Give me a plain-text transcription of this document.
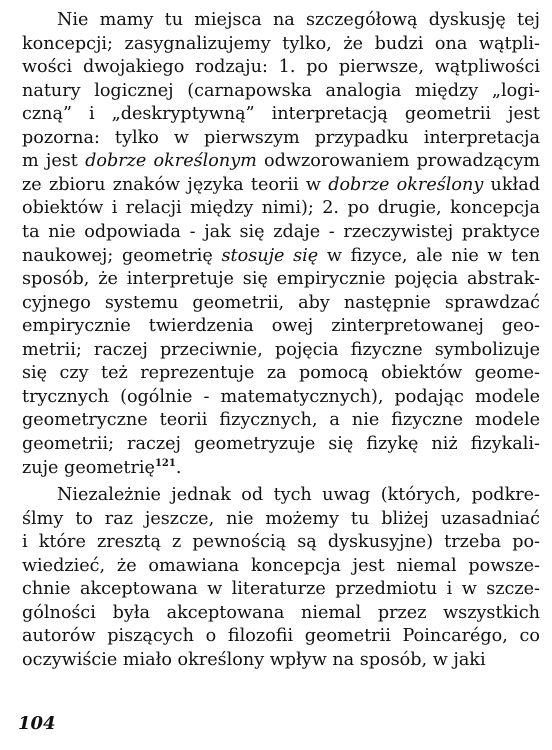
Nie mamy tu miejsca na szczegółową dyskusję tej
koncepcji; zasygnalizujemy tylko, że budzi ona wątpli-
wości dwojakiego rodzaju: 1. po pierwsze, wątpliwości
natury logicznej (carnapowska analogia między „logi-
czną” i „deskryptywną” interpretacją geometrii jest
pozorna: tylko w pierwszym przypadku interpretacja
m jest dobrze określonym odwzorowaniem prowadzącym
ze zbioru znaków języka teorii w dobrze określony układ
obiektów i relacji między nimi); 2. po drugie, koncepcja
ta nie odpowiada - jak się zdaje - rzeczywistej praktyce
naukowej; geometrię stosuje się w fizyce, ale nie w ten
sposób, że interpretuje się empirycznie pojęcia abstrak-
cyjnego systemu geometrii, aby następnie sprawdzać
empirycznie twierdzenia owej zinterpretowanej geo-
metrii; raczej przeciwnie, pojęcia fizyczne symbolizuje
się czy też reprezentuje za pomocą obiektów geome-
trycznych (ogólnie - matematycznych), podając modele
geometryczne teorii fizycznych, a nie fizyczne modele
geometrii; raczej geometryzuje się fizykę niż fizykali-
zuje geometrię$^{121}$.
Niezależnie jednak od tych uwag (których, podkre-
ślmy to raz jeszcze, nie możemy tu bliżej uzasadniać
i które zresztą z pewnością są dyskusyjne) trzeba po-
wiedzieć, że omawiana koncepcja jest niemal powsze-
chnie akceptowana w literaturze przedmiotu i w szcze-
gólności była akceptowana niemal przez wszystkich
autorów piszących o filozofii geometrii Poincarégo, co
oczywiście miało określony wpływ na sposób, w jaki
104
